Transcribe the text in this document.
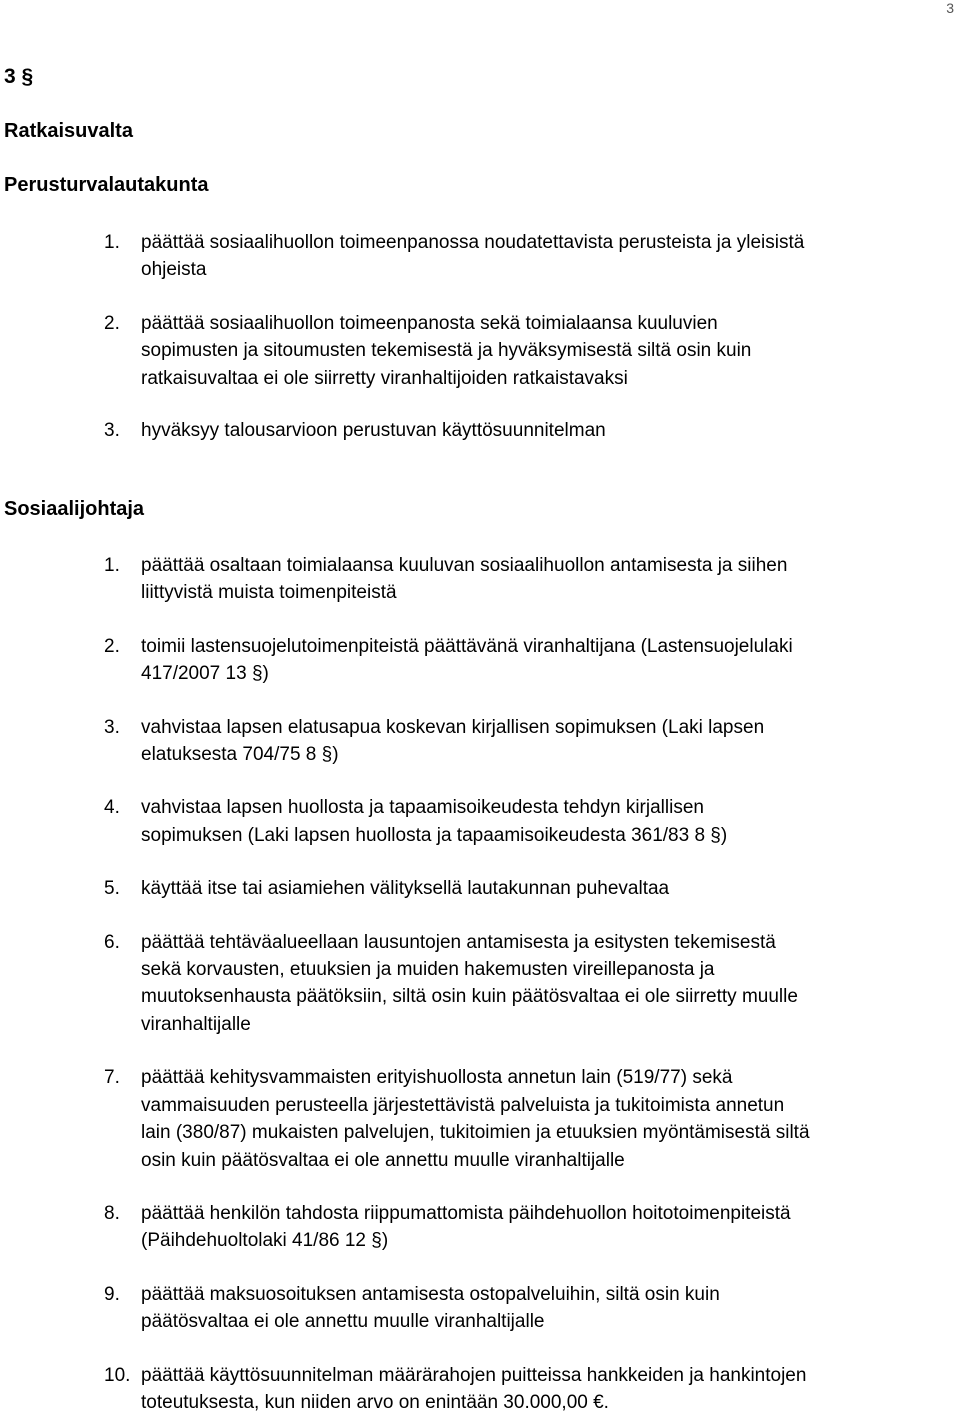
3
3 §
Ratkaisuvalta
Perusturvalautakunta
1.	päättää sosiaalihuollon toimeenpanossa noudatettavista perusteista ja yleisistä
ohjeista
2.	päättää sosiaalihuollon toimeenpanosta sekä toimialaansa kuuluvien
sopimusten ja sitoumusten tekemisestä ja hyväksymisestä siltä osin kuin
ratkaisuvaltaa ei ole siirretty viranhaltijoiden ratkaistavaksi
3.	hyväksyy talousarvioon perustuvan käyttösuunnitelman
Sosiaalijohtaja
1.	päättää osaltaan toimialaansa kuuluvan sosiaalihuollon antamisesta ja siihen
liittyvistä muista toimenpiteistä
2.	toimii lastensuojelutoimenpiteistä päättävänä viranhaltijana (Lastensuojelulaki
417/2007 13 §)
3.	vahvistaa lapsen elatusapua koskevan kirjallisen sopimuksen (Laki lapsen
elatuksesta 704/75 8 §)
4.	vahvistaa lapsen huollosta ja tapaamisoikeudesta tehdyn kirjallisen
sopimuksen (Laki lapsen huollosta ja tapaamisoikeudesta 361/83 8 §)
5.	käyttää itse tai asiamiehen välityksellä lautakunnan puhevaltaa
6.	päättää tehtäväalueellaan lausuntojen antamisesta ja esitysten tekemisestä
sekä korvausten, etuuksien ja muiden hakemusten vireillepanosta ja
muutoksenhausta päätöksiin, siltä osin kuin päätösvaltaa ei ole siirretty muulle
viranhaltijalle
7.	päättää kehitysvammaisten erityishuollosta annetun lain (519/77) sekä
vammaisuuden perusteella järjestettävistä palveluista ja tukitoimista annetun
lain (380/87) mukaisten palvelujen, tukitoimien ja etuuksien myöntämisestä siltä
osin kuin päätösvaltaa ei ole annettu muulle viranhaltijalle
8.	päättää henkilön tahdosta riippumattomista päihdehuollon hoitotoimenpiteistä
(Päihdehuoltolaki 41/86 12 §)
9.	päättää maksuosoituksen antamisesta ostopalveluihin, siltä osin kuin
päätösvaltaa ei ole annettu muulle viranhaltijalle
10. päättää käyttösuunnitelman määrärahojen puitteissa hankkeiden ja hankintojen
toteutuksesta, kun niiden arvo on enintään 30.000,00 €.
